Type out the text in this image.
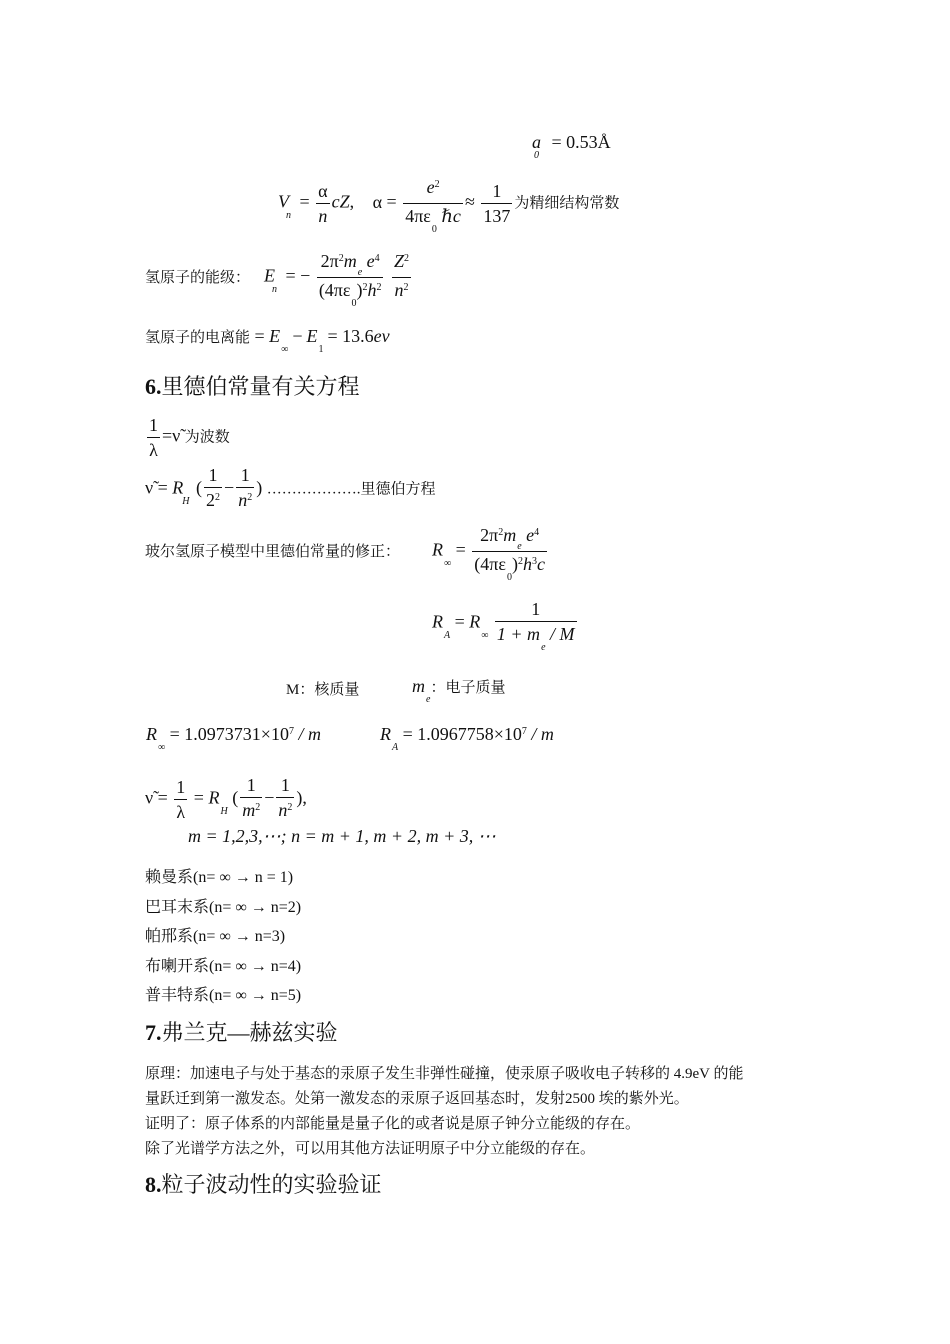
$a_0$ = 0.53Å
$V_n = \frac{\alpha}{n}$ cZ, $\alpha = \frac{e^2}{4\pi\varepsilon_0 \hbar c} \approx \frac{1}{137}$ 为精细结构常数
氢原子的能级： $E_n$ = − $\frac{2\pi^2m_e e^4}{(4\pi\varepsilon_0)^2h^2}$
$\frac{Z^2}{n^2}$
氢原子的电离能 = $E_\infty - E_1 = 13.6ev$
6.里德伯常量有关方程
$\frac{1}{\lambda}$ =ν̃ 为波数
ν̃ = $R_H$ ( $\frac{1}{2^2} - \frac{1}{n^2}$ ) ……………….里德伯方程
玻尔氢原子模型中里德伯常量的修正： $R_\infty = \frac{2\pi^2m_e e^4}{(4\pi\varepsilon_0)^2h^3c}$
$R_A = R_\infty \frac{1}{1 + m_e / M}$
M：核质量	$m_e$：电子质量
$R_\infty = 1.0973731\times 10^7 / m$	$R_A = 1.0967758\times 10^7 / m$
ν̃ = $\frac{1}{\lambda} = R_H$ ( $\frac{1}{m^2} - \frac{1}{n^2}$ ),
m = 1,2,3,⋯; n = m + 1, m + 2, m + 3, ⋯
赖曼系(n= ∞ → n = 1)
巴耳末系(n= ∞ → n=2)
帕邢系(n= ∞ → n=3)
布喇开系(n= ∞ → n=4)
普丰特系(n= ∞ → n=5)
7.弗兰克—赫兹实验
原理：加速电子与处于基态的汞原子发生非弹性碰撞，使汞原子吸收电子转移的 4.9eV 的能
量跃迁到第一激发态。处第一激发态的汞原子返回基态时，发射2500 埃的紫外光。
证明了：原子体系的内部能量是量子化的或者说是原子钟分立能级的存在。
除了光谱学方法之外，可以用其他方法证明原子中分立能级的存在。
8.粒子波动性的实验验证
